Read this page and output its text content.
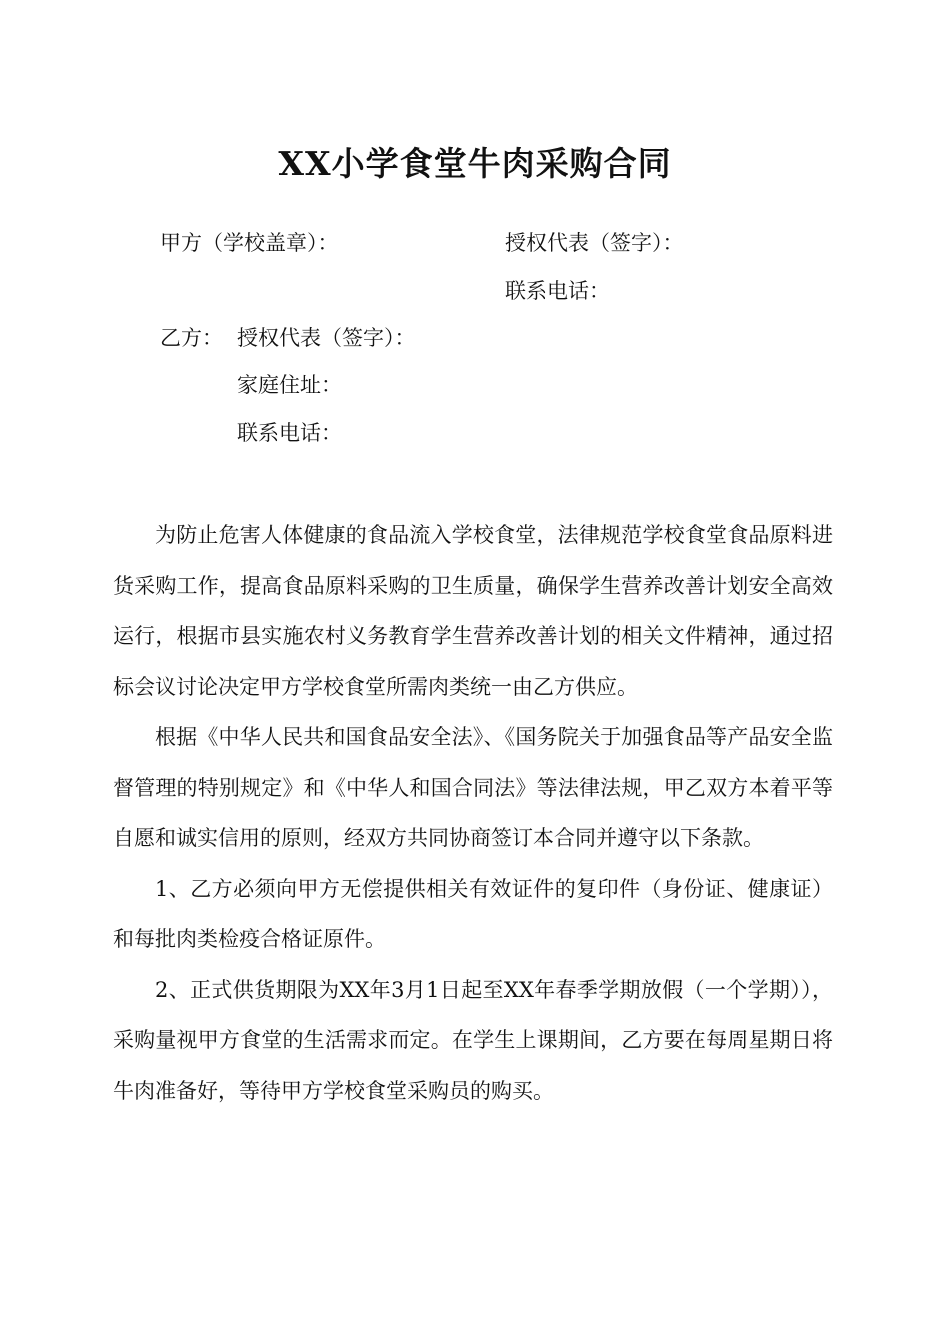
XX小学食堂牛肉采购合同
甲方（学校盖章）：	授权代表（签字）：
联系电话：
乙方： 授权代表（签字）：
家庭住址：
联系电话：

为防止危害人体健康的食品流入学校食堂，法律规范学校食堂食品原料进货采购工作，提高食品原料采购的卫生质量，确保学生营养改善计划安全高效运行，根据市县实施农村义务教育学生营养改善计划的相关文件精神，通过招标会议讨论决定甲方学校食堂所需肉类统一由乙方供应。

根据《中华人民共和国食品安全法》、《国务院关于加强食品等产品安全监督管理的特别规定》和《中华人和国合同法》等法律法规，甲乙双方本着平等自愿和诚实信用的原则，经双方共同协商签订本合同并遵守以下条款。

1、乙方必须向甲方无偿提供相关有效证件的复印件（身份证、健康证）和每批肉类检疫合格证原件。

2、正式供货期限为XX年3月1日起至XX年春季学期放假（一个学期））， 采购量视甲方食堂的生活需求而定。在学生上课期间，乙方要在每周星期日将牛肉准备好，等待甲方学校食堂采购员的购买。
